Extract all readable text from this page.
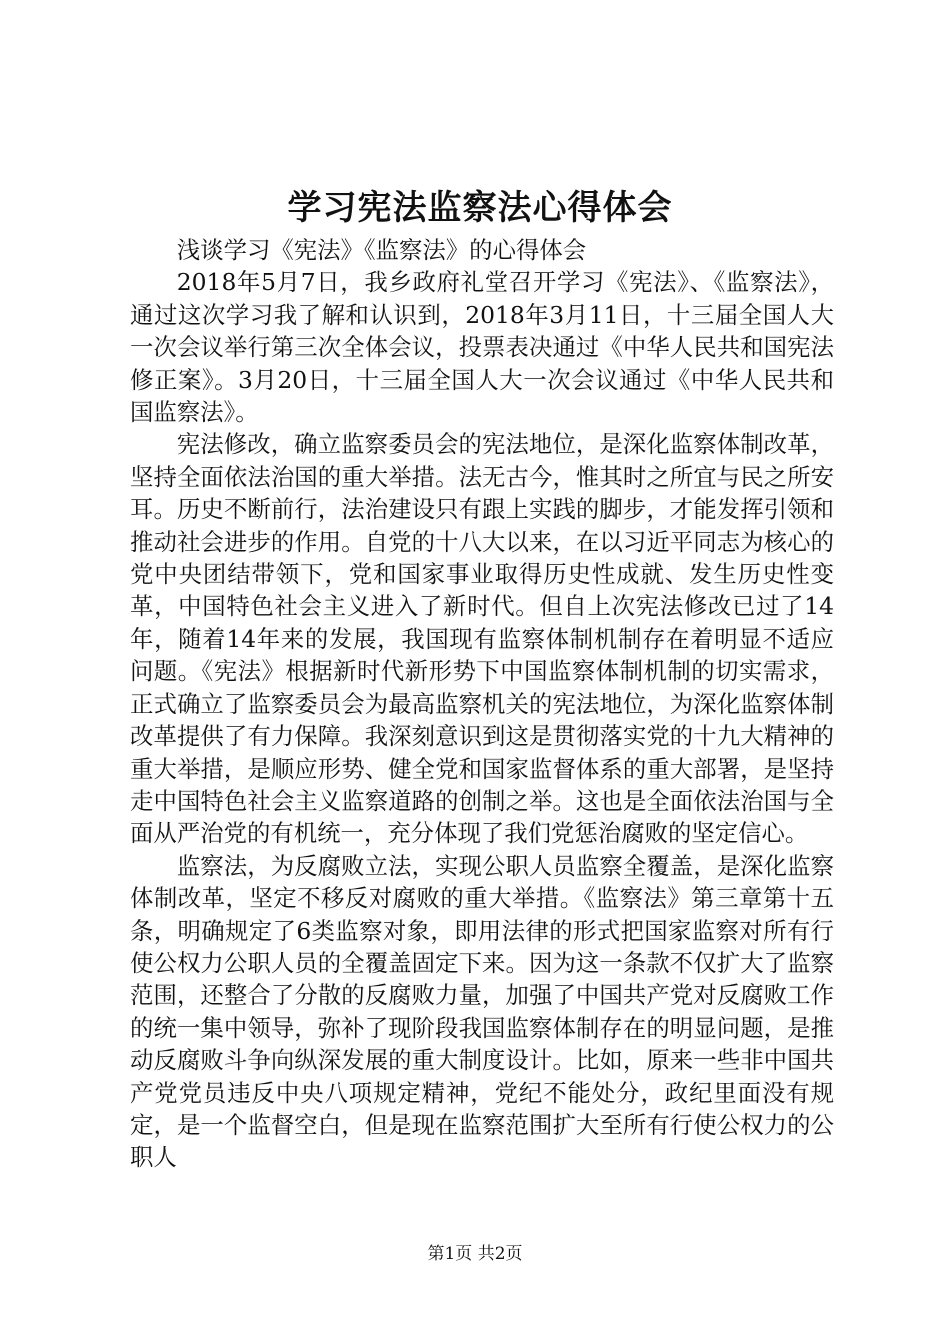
学习宪法监察法心得体会

浅谈学习《宪法》《监察法》的心得体会

2018年5月7日，我乡政府礼堂召开学习《宪法》、《监察法》，通过这次学习我了解和认识到，2018年3月11日，十三届全国人大一次会议举行第三次全体会议，投票表决通过《中华人民共和国宪法修正案》。3月20日，十三届全国人大一次会议通过《中华人民共和国监察法》。

宪法修改，确立监察委员会的宪法地位，是深化监察体制改革，坚持全面依法治国的重大举措。法无古今，惟其时之所宜与民之所安耳。历史不断前行，法治建设只有跟上实践的脚步，才能发挥引领和推动社会进步的作用。自党的十八大以来，在以习近平同志为核心的党中央团结带领下，党和国家事业取得历史性成就、发生历史性变革，中国特色社会主义进入了新时代。但自上次宪法修改已过了14年，随着14年来的发展，我国现有监察体制机制存在着明显不适应问题。《宪法》根据新时代新形势下中国监察体制机制的切实需求，正式确立了监察委员会为最高监察机关的宪法地位，为深化监察体制改革提供了有力保障。我深刻意识到这是贯彻落实党的十九大精神的重大举措，是顺应形势、健全党和国家监督体系的重大部署，是坚持走中国特色社会主义监察道路的创制之举。这也是全面依法治国与全面从严治党的有机统一，充分体现了我们党惩治腐败的坚定信心。

监察法，为反腐败立法，实现公职人员监察全覆盖，是深化监察体制改革，坚定不移反对腐败的重大举措。《监察法》第三章第十五条，明确规定了6类监察对象，即用法律的形式把国家监察对所有行使公权力公职人员的全覆盖固定下来。因为这一条款不仅扩大了监察范围，还整合了分散的反腐败力量，加强了中国共产党对反腐败工作的统一集中领导，弥补了现阶段我国监察体制存在的明显问题，是推动反腐败斗争向纵深发展的重大制度设计。比如，原来一些非中国共产党党员违反中央八项规定精神，党纪不能处分，政纪里面没有规定，是一个监督空白，但是现在监察范围扩大至所有行使公权力的公职人

第1页 共2页
